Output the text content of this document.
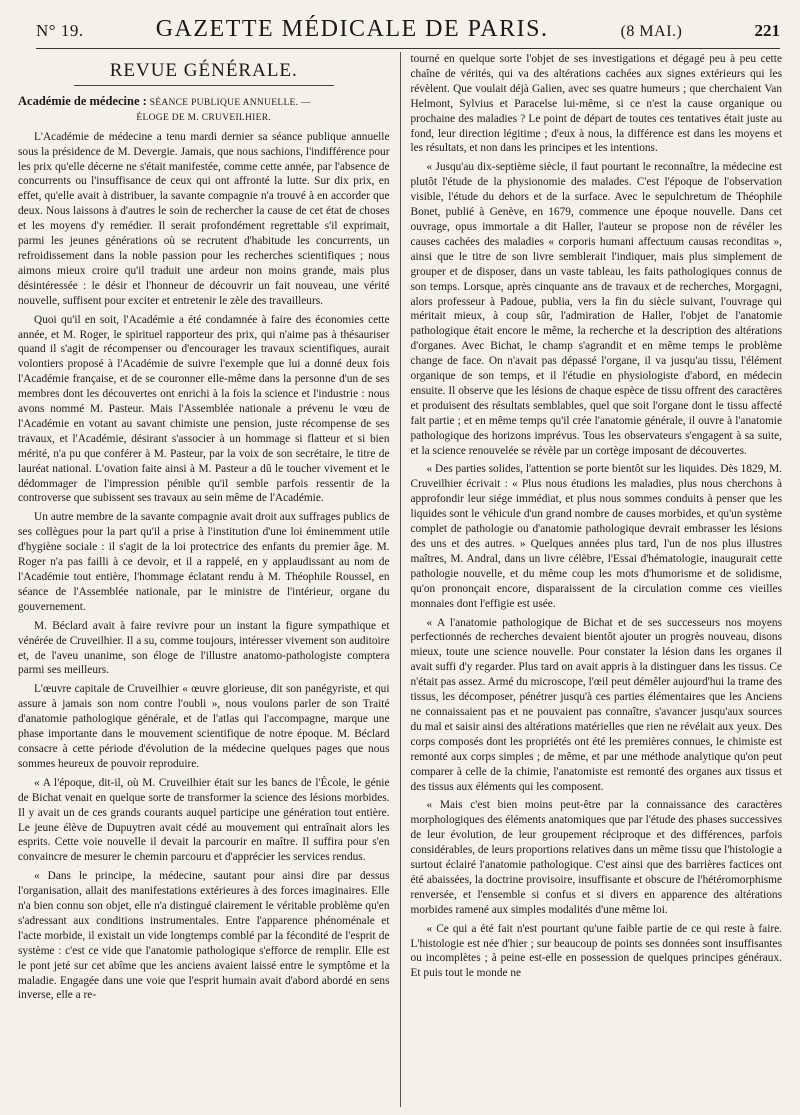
N° 19.	GAZETTE MÉDICALE DE PARIS.	(8 MAI.)	221
REVUE GÉNÉRALE.
Académie de médecine : SÉANCE PUBLIQUE ANNUELLE. —
ÉLOGE DE M. CRUVEILHIER.

L'Académie de médecine a tenu mardi dernier sa séance publique annuelle sous la présidence de M. Devergie. Jamais, que nous sachions, l'indifférence pour les prix qu'elle décerne ne s'était manifestée, comme cette année, par l'absence de concurrents ou l'insuffisance de ceux qui ont affronté la lutte. Sur dix prix, en effet, qu'elle avait à distribuer, la savante compagnie n'a trouvé à en accorder que deux. Nous laissons à d'autres le soin de rechercher la cause de cet état de choses et les moyens d'y remédier. Il serait profondément regrettable s'il exprimait, parmi les jeunes générations où se recrutent d'habitude les concurrents, un refroidissement dans la noble passion pour les recherches scientifiques ; nous aimons mieux croire qu'il traduit une ardeur non moins grande, mais plus désintéressée : le désir et l'honneur de découvrir un fait nouveau, une vérité nouvelle, suffisent pour exciter et entretenir le zèle des travailleurs.

Quoi qu'il en soit, l'Académie a été condamnée à faire des économies cette année, et M. Roger, le spirituel rapporteur des prix, qui n'aime pas à thésauriser quand il s'agit de récompenser ou d'encourager les travaux scientifiques, aurait volontiers proposé à l'Académie de suivre l'exemple que lui a donné deux fois l'Académie française, et de se couronner elle-même dans la personne d'un de ses membres dont les découvertes ont enrichi à la fois la science et l'industrie : nous avons nommé M. Pasteur. Mais l'Assemblée nationale a prévenu le vœu de l'Académie en votant au savant chimiste une pension, juste récompense de ses travaux, et l'Académie, désirant s'associer à un hommage si flatteur et si bien mérité, n'a pu que conférer à M. Pasteur, par la voix de son secrétaire, le titre de lauréat national. L'ovation faite ainsi à M. Pasteur a dû le toucher vivement et le dédommager de l'impression pénible qu'il semble parfois ressentir de la controverse que subissent ses travaux au sein même de l'Académie.

Un autre membre de la savante compagnie avait droit aux suffrages publics de ses collègues pour la part qu'il a prise à l'institution d'une loi éminemment utile d'hygiène sociale : il s'agit de la loi protectrice des enfants du premier âge. M. Roger n'a pas failli à ce devoir, et il a rappelé, en y applaudissant au nom de l'Académie tout entière, l'hommage éclatant rendu à M. Théophile Roussel, en séance de l'Assemblée nationale, par le ministre de l'intérieur, organe du gouvernement.

M. Béclard avait à faire revivre pour un instant la figure sympathique et vénérée de Cruveilhier. Il a su, comme toujours, intéresser vivement son auditoire et, de l'aveu unanime, son éloge de l'illustre anatomo-pathologiste comptera parmi ses meilleurs.

L'œuvre capitale de Cruveilhier « œuvre glorieuse, dit son panégyriste, et qui assure à jamais son nom contre l'oubli », nous voulons parler de son Traité d'anatomie pathologique générale, et de l'atlas qui l'accompagne, marque une phase importante dans le mouvement scientifique de notre époque. M. Béclard consacre à cette période d'évolution de la médecine quelques pages que nous sommes heureux de pouvoir reproduire.

« A l'époque, dit-il, où M. Cruveilhier était sur les bancs de l'École, le génie de Bichat venait en quelque sorte de transformer la science des lésions morbides. Il y avait un de ces grands courants auquel participe une génération tout entière. Le jeune élève de Dupuytren avait cédé au mouvement qui entraînait alors les esprits. Cette voie nouvelle il devait la parcourir en maître. Il suffira pour s'en convaincre de mesurer le chemin parcouru et d'apprécier les services rendus.

« Dans le principe, la médecine, sautant pour ainsi dire par dessus l'organisation, allait des manifestations extérieures à des forces imaginaires. Elle n'a bien connu son objet, elle n'a distingué clairement le véritable problème qu'en s'adressant aux conditions instrumentales. Entre l'apparence phénoménale et l'acte morbide, il existait un vide longtemps comblé par la fécondité de l'esprit de système : c'est ce vide que l'anatomie pathologique s'efforce de remplir. Elle est le pont jeté sur cet abîme que les anciens avaient laissé entre le symptôme et la maladie. Engagée dans une voie que l'esprit humain avait d'abord abordé en sens inverse, elle a re-

tourné en quelque sorte l'objet de ses investigations et dégagé peu à peu cette chaîne de vérités, qui va des altérations cachées aux signes extérieurs qui les révèlent. Que voulait déjà Galien, avec ses quatre humeurs ; que cherchaient Van Helmont, Sylvius et Paracelse lui-même, si ce n'est la cause organique ou prochaine des maladies ? Le point de départ de toutes ces tentatives était juste au fond, leur direction légitime ; d'eux à nous, la différence est dans les moyens et les résultats, et non dans les principes et les intentions.

« Jusqu'au dix-septième siècle, il faut pourtant le reconnaître, la médecine est plutôt l'étude de la physionomie des malades. C'est l'époque de l'observation visible, l'étude du dehors et de la surface. Avec le sepulchretum de Théophile Bonet, publié à Genève, en 1679, commence une époque nouvelle. Dans cet ouvrage, opus immortale a dit Haller, l'auteur se propose non de révéler les causes cachées des maladies « corporis humani affectuum causas reconditas », ainsi que le titre de son livre semblerait l'indiquer, mais plus simplement de grouper et de disposer, dans un vaste tableau, les faits pathologiques connus de son temps. Lorsque, après cinquante ans de travaux et de recherches, Morgagni, alors professeur à Padoue, publia, vers la fin du siècle suivant, l'ouvrage qui méritait mieux, à coup sûr, l'admiration de Haller, l'objet de l'anatomie pathologique était encore le même, la recherche et la description des altérations d'organes. Avec Bichat, le champ s'agrandit et en même temps le problème change de face. On n'avait pas dépassé l'organe, il va jusqu'au tissu, l'élément organique de son temps, et il l'étudie en physiologiste d'abord, en médecin ensuite. Il observe que les lésions de chaque espèce de tissu offrent des caractères et produisent des résultats semblables, quel que soit l'organe dont le tissu affecté fait partie ; et en même temps qu'il crée l'anatomie générale, il ouvre à l'anatomie pathologique des horizons imprévus. Tous les observateurs s'engagent à sa suite, et la science renouvelée se révèle par un cortège imposant de découvertes.

« Des parties solides, l'attention se porte bientôt sur les liquides. Dès 1829, M. Cruveilhier écrivait : « Plus nous étudions les maladies, plus nous cherchons à approfondir leur siége immédiat, et plus nous sommes conduits à penser que les liquides sont le véhicule d'un grand nombre de causes morbides, et qu'un système complet de pathologie ou d'anatomie pathologique devrait embrasser les lésions des uns et des autres. » Quelques années plus tard, l'un de nos plus illustres maîtres, M. Andral, dans un livre célèbre, l'Essai d'hématologie, inaugurait cette pathologie nouvelle, et du même coup les mots d'humorisme et de solidisme, qu'on prononçait encore, disparaissent de la circulation comme ces vieilles monnaies dont l'effigie est usée.

« A l'anatomie pathologique de Bichat et de ses successeurs nos moyens perfectionnés de recherches devaient bientôt ajouter un progrès nouveau, disons mieux, toute une science nouvelle. Pour constater la lésion dans les organes il avait suffi d'y regarder. Plus tard on avait appris à la distinguer dans les tissus. Ce n'était pas assez. Armé du microscope, l'œil peut démêler aujourd'hui la trame des tissus, les décomposer, pénétrer jusqu'à ces parties élémentaires que les Anciens ne connaissaient pas et ne pouvaient pas connaître, s'avancer jusqu'aux sources du mal et saisir ainsi des altérations matérielles que rien ne révélait aux yeux. Des corps composés dont les propriétés ont été les premières connues, le chimiste est remonté aux corps simples ; de même, et par une méthode analytique qu'on peut comparer à celle de la chimie, l'anatomiste est remonté des organes aux tissus et des tissus aux éléments qui les composent.

« Mais c'est bien moins peut-être par la connaissance des caractères morphologiques des éléments anatomiques que par l'étude des phases successives de leur évolution, de leur groupement réciproque et des différences, parfois considérables, de leurs proportions relatives dans un même tissu que l'histologie a surtout éclairé l'anatomie pathologique. C'est ainsi que des barrières factices ont été abaissées, la doctrine provisoire, insuffisante et obscure de l'hétéromorphisme renversée, et l'ensemble si confus et si divers en apparence des altérations morbides ramené aux simples modalités d'une même loi.

« Ce qui a été fait n'est pourtant qu'une faible partie de ce qui reste à faire. L'histologie est née d'hier ; sur beaucoup de points ses données sont insuffisantes ou incomplètes ; à peine est-elle en possession de quelques principes généraux. Et puis tout le monde ne
